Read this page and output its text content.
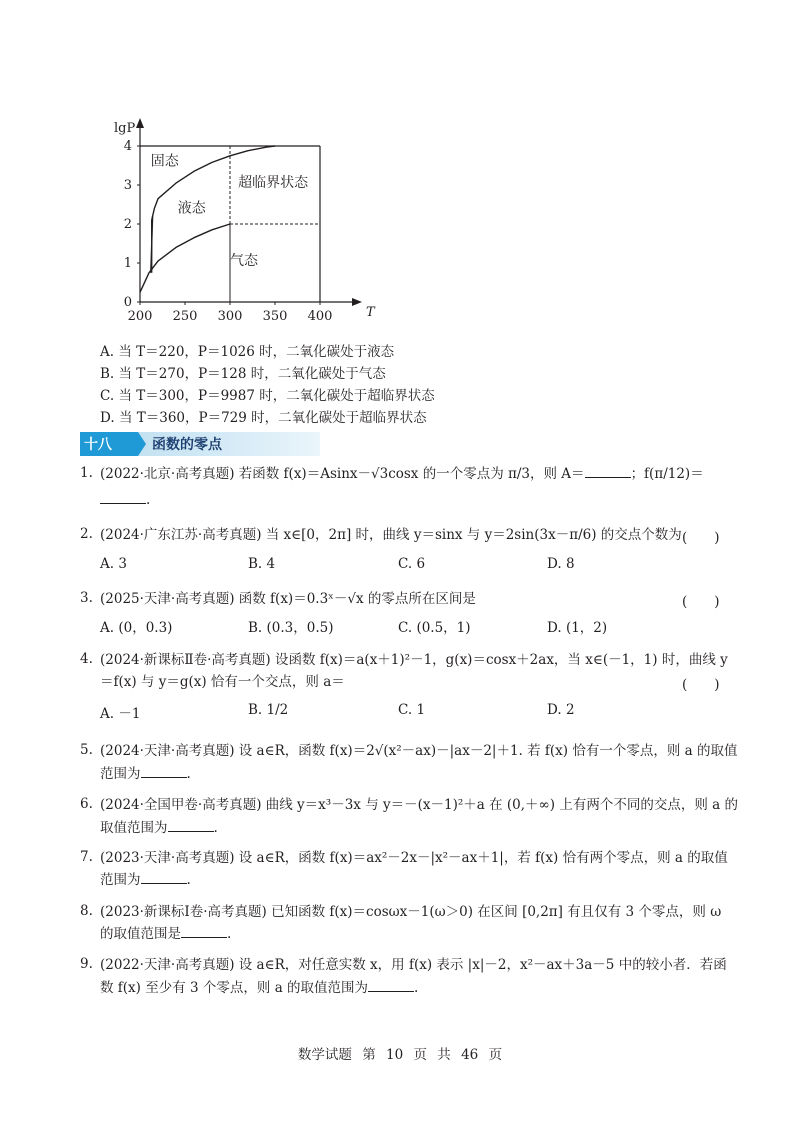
0
1
2
3
4
200 250 300 350 400
lgP
T
固态
液态
超临界状态
气态
A. 当 T＝220，P＝1026 时，二氧化碳处于液态
B. 当 T＝270，P＝128 时，二氧化碳处于气态
C. 当 T＝300，P＝9987 时，二氧化碳处于超临界状态
D. 当 T＝360，P＝729 时，二氧化碳处于超临界状态
十八	函数的零点
1. (2022·北京·高考真题) 若函数 f(x)＝Asinx－√3cosx 的一个零点为 π/3，则 A＝	；f(π/12)＝
.
2. (2024·广东江苏·高考真题) 当 x∈[0，2π] 时，曲线 y＝sinx 与 y＝2sin(3x－π/6) 的交点个数为 (　　)
A. 3	B. 4	C. 6	D. 8
3. (2025·天津·高考真题) 函数 f(x)＝0.3ˣ－√x 的零点所在区间是	(　　)
A. (0，0.3)	B. (0.3，0.5)	C. (0.5，1)	D. (1，2)
4. (2024·新课标Ⅱ卷·高考真题) 设函数 f(x)＝a(x＋1)²－1，g(x)＝cosx＋2ax，当 x∈(－1，1) 时，曲线 y
＝f(x) 与 y＝g(x) 恰有一个交点，则 a＝	(　　)
A. －1	B. 1/2	C. 1	D. 2
5. (2024·天津·高考真题) 设 a∈R，函数 f(x)＝2√(x²－ax)－|ax－2|＋1. 若 f(x) 恰有一个零点，则 a 的取值
范围为	.
6. (2024·全国甲卷·高考真题) 曲线 y＝x³－3x 与 y＝－(x－1)²＋a 在 (0,＋∞) 上有两个不同的交点，则 a 的
取值范围为	.
7. (2023·天津·高考真题) 设 a∈R，函数 f(x)＝ax²－2x－|x²－ax＋1|，若 f(x) 恰有两个零点，则 a 的取值
范围为	.
8. (2023·新课标Ⅰ卷·高考真题) 已知函数 f(x)＝cosωx－1(ω＞0) 在区间 [0,2π] 有且仅有 3 个零点，则 ω
的取值范围是	.
9. (2022·天津·高考真题) 设 a∈R，对任意实数 x，用 f(x) 表示 |x|－2，x²－ax＋3a－5 中的较小者．若函
数 f(x) 至少有 3 个零点，则 a 的取值范围为	.
数学试题 第 10 页 共 46 页
